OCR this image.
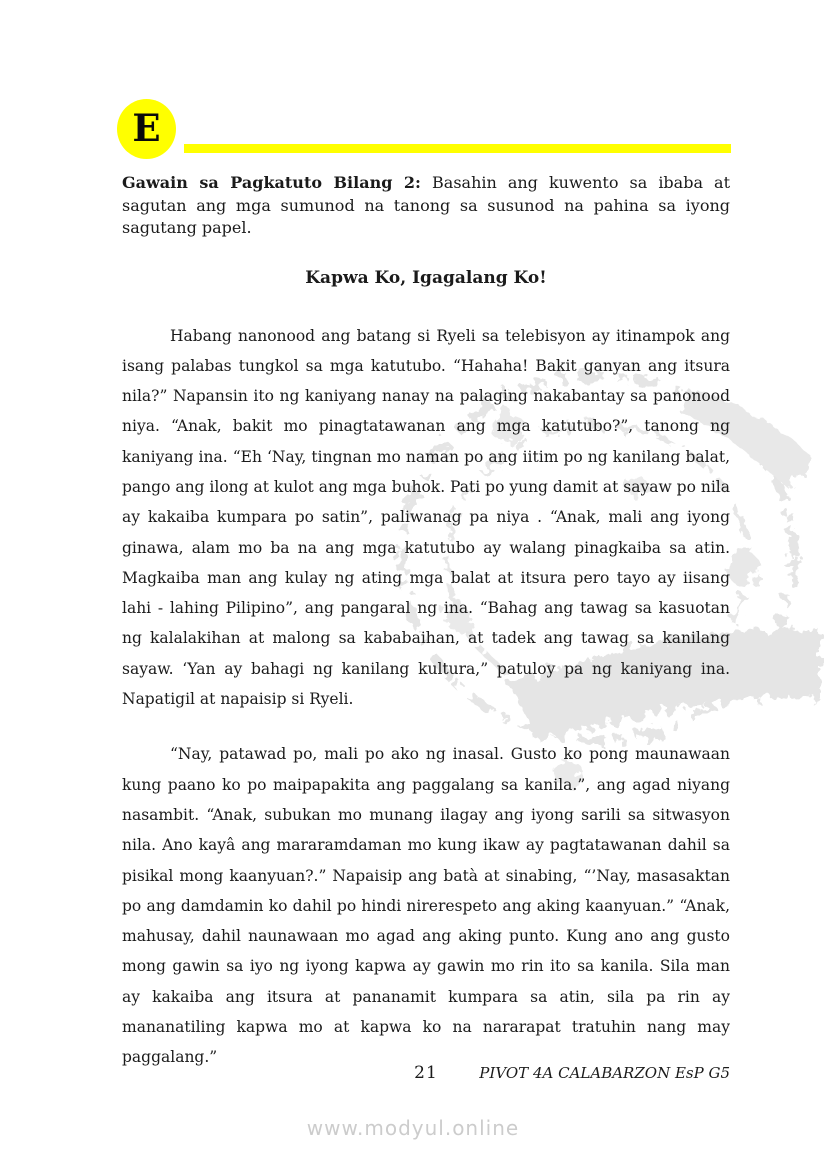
E

Gawain sa Pagkatuto Bilang 2: Basahin ang kuwento sa ibaba at sagutan ang mga sumunod na tanong sa susunod na pahina sa iyong sagutang papel.

Kapwa Ko, Igagalang Ko!

Habang nanonood ang batang si Ryeli sa telebisyon ay itinampok ang isang palabas tungkol sa mga katutubo. “Hahaha! Bakit ganyan ang itsura nila?” Napansin ito ng kaniyang nanay na palaging nakabantay sa panonood niya. “Anak, bakit mo pinagtatawanan ang mga katutubo?”, tanong ng kaniyang ina. “Eh ‘Nay, tingnan mo naman po ang iitim po ng kanilang balat, pango ang ilong at kulot ang mga buhok. Pati po yung damit at sayaw po nila ay kakaiba kumpara po satin”, paliwanag pa niya . “Anak, mali ang iyong ginawa, alam mo ba na ang mga katutubo ay walang pinagkaiba sa atin. Magkaiba man ang kulay ng ating mga balat at itsura pero tayo ay iisang lahi - lahing Pilipino”, ang pangaral ng ina. “Bahag ang tawag sa kasuotan ng kalalakihan at malong sa kababaihan, at tadek ang tawag sa kanilang sayaw. ‘Yan ay bahagi ng kanilang kultura,” patuloy pa ng kaniyang ina. Napatigil at napaisip si Ryeli.

“Nay, patawad po, mali po ako ng inasal. Gusto ko pong maunawaan kung paano ko po maipapakita ang paggalang sa kanila.”, ang agad niyang nasambit. “Anak, subukan mo munang ilagay ang iyong sarili sa sitwasyon nila. Ano kayâ ang mararamdaman mo kung ikaw ay pagtatawanan dahil sa pisikal mong kaanyuan?.” Napaisip ang batà at sinabing, “’Nay, masasaktan po ang damdamin ko dahil po hindi nirerespeto ang aking kaanyuan.” “Anak, mahusay, dahil naunawaan mo agad ang aking punto. Kung ano ang gusto mong gawin sa iyo ng iyong kapwa ay gawin mo rin ito sa kanila. Sila man ay kakaiba ang itsura at pananamit kumpara sa atin, sila pa rin ay mananatiling kapwa mo at kapwa ko na nararapat tratuhin nang may paggalang.”

21	PIVOT 4A CALABARZON EsP G5
www.modyul.online
